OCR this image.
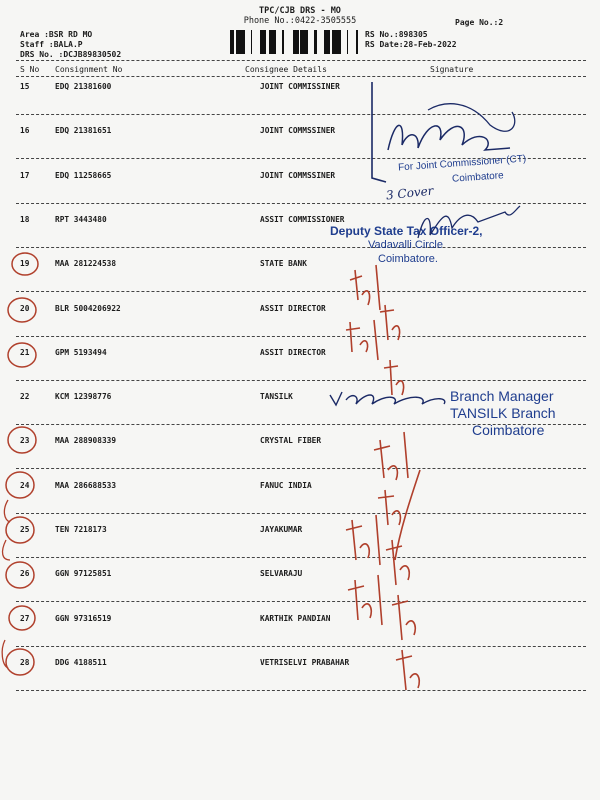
TPC/CJB DRS - MO
Phone No.:0422-3505555	Page No.:2
Area :BSR RD MO
Staff :BALA.P
DRS No. :DCJB89830502
RS No.:898305
RS Date:28-Feb-2022
S No Consignment No	Consignee Details	Signature
15	EDQ 21381600	JOINT COMMISSINER
16	EDQ 21381651	JOINT COMMSSINER
17	EDQ 11258665	JOINT COMMSSINER
18	RPT 3443480	ASSIT COMMISSIONER
19	MAA 281224538	STATE BANK
20	BLR 5004206922	ASSIT DIRECTOR
21	GPM 5193494	ASSIT DIRECTOR
22	KCM 12398776	TANSILK
23	MAA 288908339	CRYSTAL FIBER
24	MAA 286688533	FANUC INDIA
25	TEN 7218173	JAYAKUMAR
26	GGN 97125851	SELVARAJU
27	GGN 97316519	KARTHIK PANDIAN
28	DDG 4188511	VETRISELVI PRABAHAR
For Joint Commissioner (CT)
Coimbatore
Deputy State Tax Officer-2,
Vadavalli Circle
Coimbatore.
Branch Manager
TANSILK Branch
Coimbatore
3 Cover
